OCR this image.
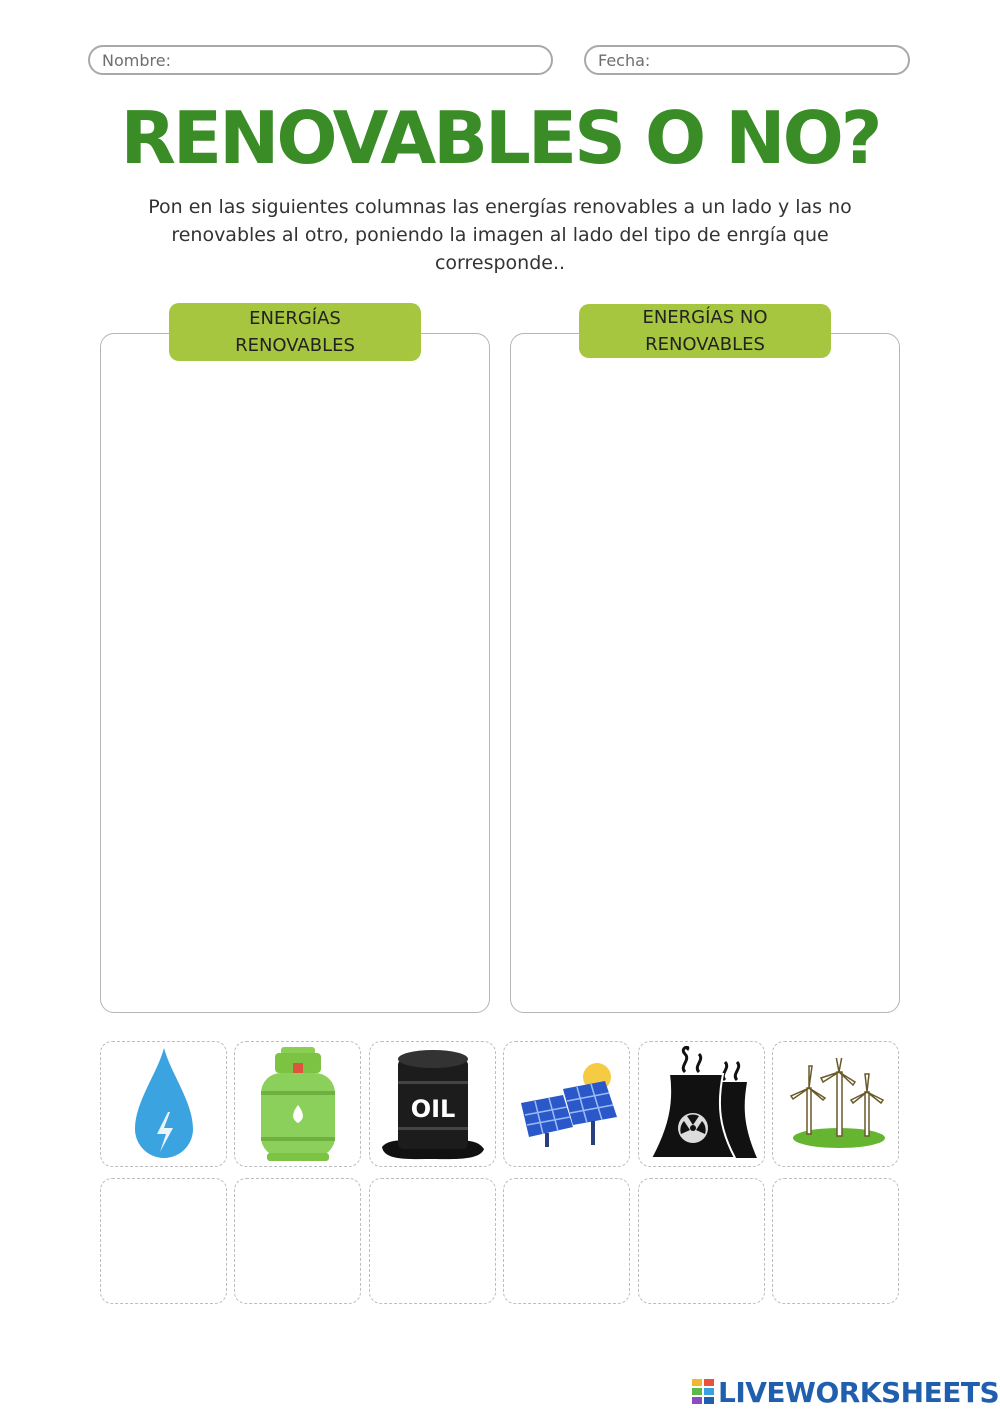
Nombre:	Fecha:
RENOVABLES O NO?

Pon en las siguientes columnas las energías renovables a un lado y las no renovables al otro, poniendo la imagen al lado del tipo de enrgía que corresponde..

ENERGÍAS RENOVABLES
ENERGÍAS NO RENOVABLES
OIL
LIVEWORKSHEETS
